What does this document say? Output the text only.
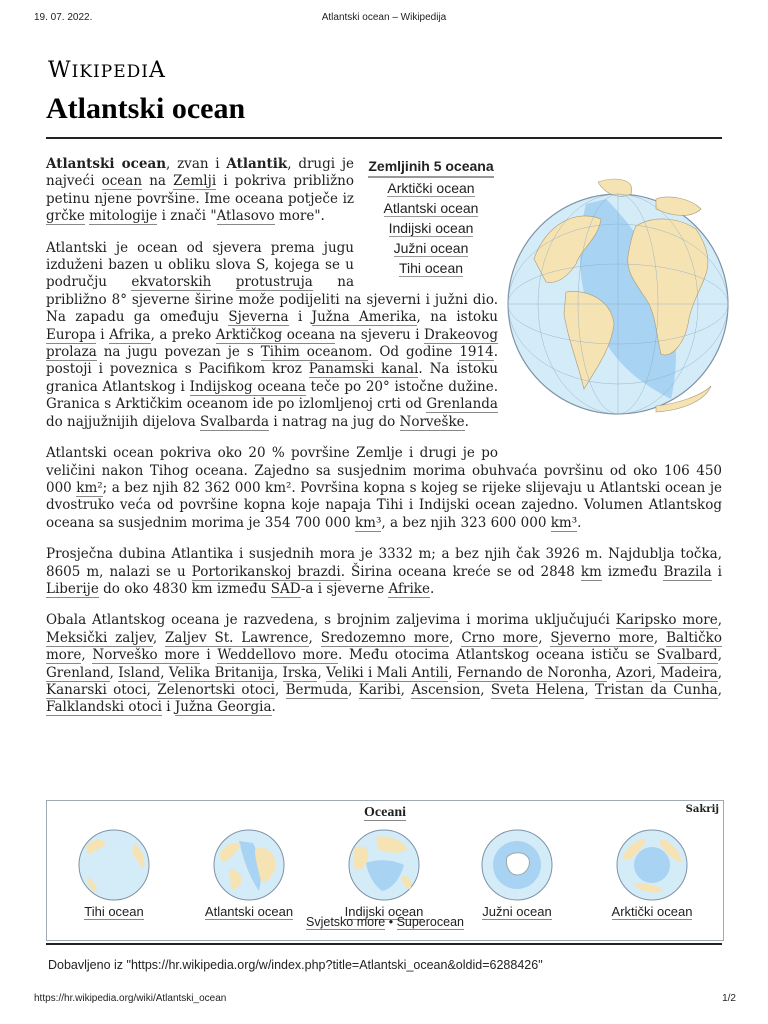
19. 07. 2022.	Atlantski ocean – Wikipedija
WIKIPEDIA
Atlantski ocean
Zemljinih 5 oceana
Arktički ocean
Atlantski ocean
Indijski ocean
Južni ocean
Tihi ocean

Atlantski ocean, zvan i Atlantik, drugi je najveći ocean na Zemlji i pokriva približno petinu njene površine. Ime oceana potječe iz grčke mitologije i znači "Atlasovo more".

Atlantski je ocean od sjevera prema jugu izduženi bazen u obliku slova S, kojega se u području ekvatorskih protustruja na približno 8° sjeverne širine može podijeliti na sjeverni i južni dio. Na zapadu ga omeđuju Sjeverna i Južna Amerika, na istoku Europa i Afrika, a preko Arktičkog oceana na sjeveru i Drakeovog prolaza na jugu povezan je s Tihim oceanom. Od godine 1914. postoji i poveznica s Pacifikom kroz Panamski kanal. Na istoku granica Atlantskog i Indijskog oceana teče po 20° istočne dužine. Granica s Arktičkim oceanom ide po izlomljenoj crti od Grenlanda do najjužnijih dijelova Svalbarda i natrag na jug do Norveške.

Atlantski ocean pokriva oko 20 % površine Zemlje i drugi je po veličini nakon Tihog oceana. Zajedno sa susjednim morima obuhvaća površinu od oko 106 450 000 km²; a bez njih 82 362 000 km². Površina kopna s kojeg se rijeke slijevaju u Atlantski ocean je dvostruko veća od površine kopna koje napaja Tihi i Indijski ocean zajedno. Volumen Atlantskog oceana sa susjednim morima je 354 700 000 km³, a bez njih 323 600 000 km³.

Prosječna dubina Atlantika i susjednih mora je 3332 m; a bez njih čak 3926 m. Najdublja točka, 8605 m, nalazi se u Portorikanskoj brazdi. Širina oceana kreće se od 2848 km između Brazila i Liberije do oko 4830 km između SAD-a i sjeverne Afrike.

Obala Atlantskog oceana je razvedena, s brojnim zaljevima i morima uključujući Karipsko more, Meksički zaljev, Zaljev St. Lawrence, Sredozemno more, Crno more, Sjeverno more, Baltičko more, Norveško more i Weddellovo more. Među otocima Atlantskog oceana ističu se Svalbard, Grenland, Island, Velika Britanija, Irska, Veliki i Mali Antili, Fernando de Noronha, Azori, Madeira, Kanarski otoci, Zelenortski otoci, Bermuda, Karibi, Ascension, Sveta Helena, Tristan da Cunha, Falklandski otoci i Južna Georgia.

Oceani	Sakrij
Tihi ocean	Atlantski ocean	Indijski ocean	Južni ocean	Arktički ocean
Svjetsko more • Superocean
Dobavljeno iz "https://hr.wikipedia.org/w/index.php?title=Atlantski_ocean&oldid=6288426"
https://hr.wikipedia.org/wiki/Atlantski_ocean	1/2
